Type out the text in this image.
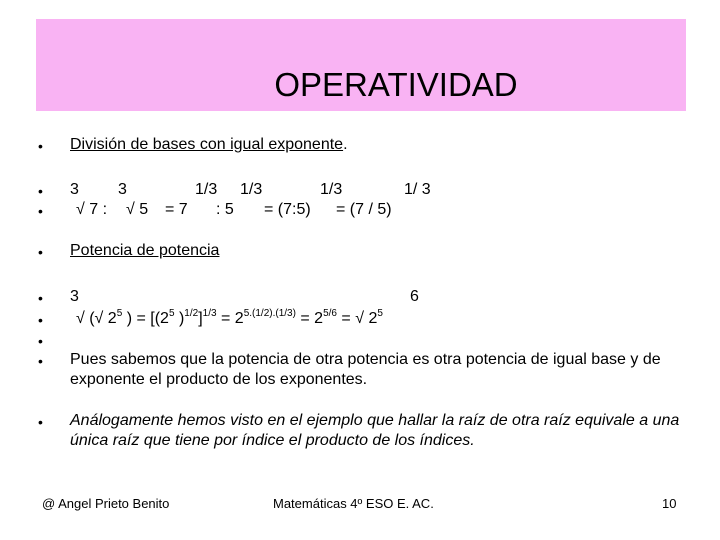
OPERATIVIDAD
• División de bases con igual exponente.
• 3 3	1/3 1/3	1/3	1/ 3
• √ 7 : √ 5 = 7 : 5 = (7:5) = (7 / 5)
• Potencia de potencia
• 3	6
• √ (√ $2^5$ ) = [($2^5$ )$^{1/2}]^{1/3} = 2^{5.(1/2).(1/3)} = 2^{5/6}$ = √ $2^5$
•
• Pues sabemos que la potencia de otra potencia es otra potencia de igual base y de exponente el producto de los exponentes.
• Análogamente hemos visto en el ejemplo que hallar la raíz de otra raíz equivale a una única raíz que tiene por índice el producto de los índices.
@ Angel Prieto Benito	Matemáticas 4º ESO E. AC.	10
